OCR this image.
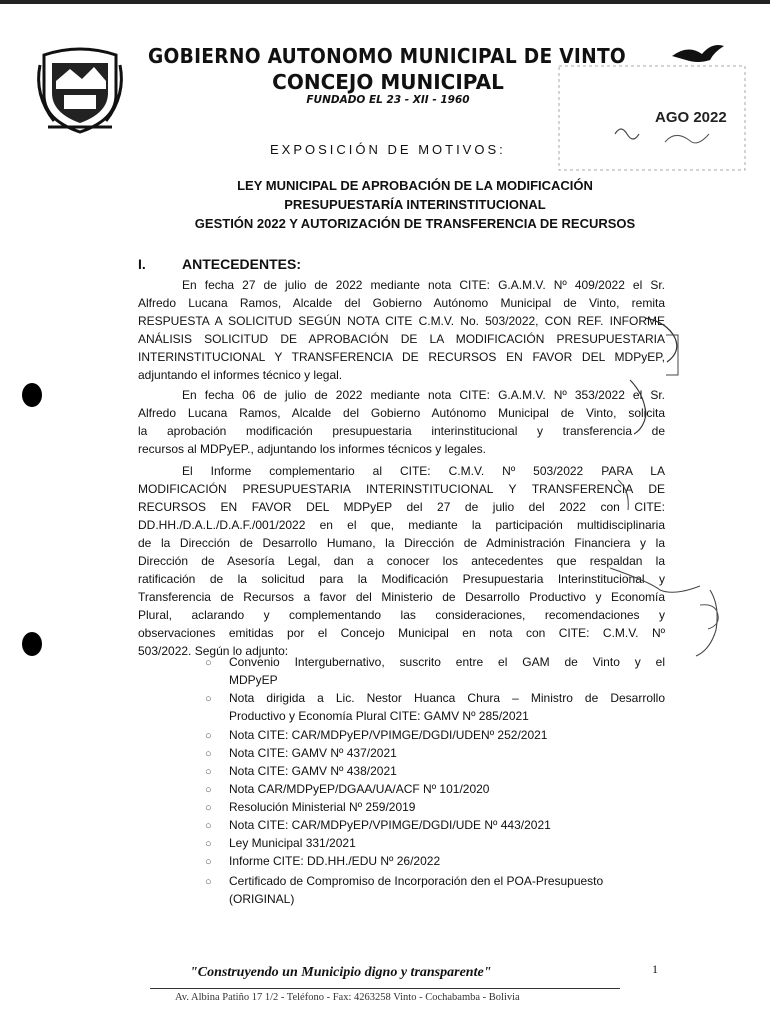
GOBIERNO AUTONOMO MUNICIPAL DE VINTO
CONCEJO MUNICIPAL
FUNDADO EL 23 - XII - 1960
AGO 2022
EXPOSICIÓN DE MOTIVOS:
LEY MUNICIPAL DE APROBACIÓN DE LA MODIFICACIÓN
PRESUPUESTARÍA INTERINSTITUCIONAL
GESTIÓN 2022 Y AUTORIZACIÓN DE TRANSFERENCIA DE RECURSOS
I.	ANTECEDENTES:
En fecha 27 de julio de 2022 mediante nota CITE: G.A.M.V. Nº 409/2022 el Sr.
Alfredo Lucana Ramos, Alcalde del Gobierno Autónomo Municipal de Vinto, remita
RESPUESTA A SOLICITUD SEGÚN NOTA CITE C.M.V. No. 503/2022, CON REF. INFORME
ANÁLISIS SOLICITUD DE APROBACIÓN DE LA MODIFICACIÓN PRESUPUESTARIA
INTERINSTITUCIONAL Y TRANSFERENCIA DE RECURSOS EN FAVOR DEL MDPyEP,
adjuntando el informes técnico y legal.
En fecha 06 de julio de 2022 mediante nota CITE: G.A.M.V. Nº 353/2022 el Sr.
Alfredo Lucana Ramos, Alcalde del Gobierno Autónomo Municipal de Vinto, solicita
la aprobación modificación presupuestaria interinstitucional y transferencia de
recursos al MDPyEP., adjuntando los informes técnicos y legales.
El Informe complementario al CITE: C.M.V. Nº 503/2022 PARA LA
MODIFICACIÓN PRESUPUESTARIA INTERINSTITUCIONAL Y TRANSFERENCIA DE
RECURSOS EN FAVOR DEL MDPyEP del 27 de julio del 2022 con CITE:
DD.HH./D.A.L./D.A.F./001/2022 en el que, mediante la participación multidisciplinaria
de la Dirección de Desarrollo Humano, la Dirección de Administración Financiera y la
Dirección de Asesoría Legal, dan a conocer los antecedentes que respaldan la
ratificación de la solicitud para la Modificación Presupuestaria Interinstitucional y
Transferencia de Recursos a favor del Ministerio de Desarrollo Productivo y Economía
Plural, aclarando y complementando las consideraciones, recomendaciones y
observaciones emitidas por el Concejo Municipal en nota con CITE: C.M.V. Nº
503/2022. Según lo adjunto:
○ Convenio Intergubernativo, suscrito entre el GAM de Vinto y el
MDPyEP
○ Nota dirigida a Lic. Nestor Huanca Chura – Ministro de Desarrollo
Productivo y Economía Plural CITE: GAMV Nº 285/2021
○ Nota CITE: CAR/MDPyEP/VPIMGE/DGDI/UDENº 252/2021
○ Nota CITE: GAMV Nº 437/2021
○ Nota CITE: GAMV Nº 438/2021
○ Nota CAR/MDPyEP/DGAA/UA/ACF Nº 101/2020
○ Resolución Ministerial Nº 259/2019
○ Nota CITE: CAR/MDPyEP/VPIMGE/DGDI/UDE Nº 443/2021
○ Ley Municipal 331/2021
○ Informe CITE: DD.HH./EDU Nº 26/2022
○ Certificado de Compromiso de Incorporación den el POA-Presupuesto
(ORIGINAL)
"Construyendo un Municipio digno y transparente"	1
Av. Albina Patiño 17 1/2 - Teléfono - Fax: 4263258 Vinto - Cochabamba - Bolivia
